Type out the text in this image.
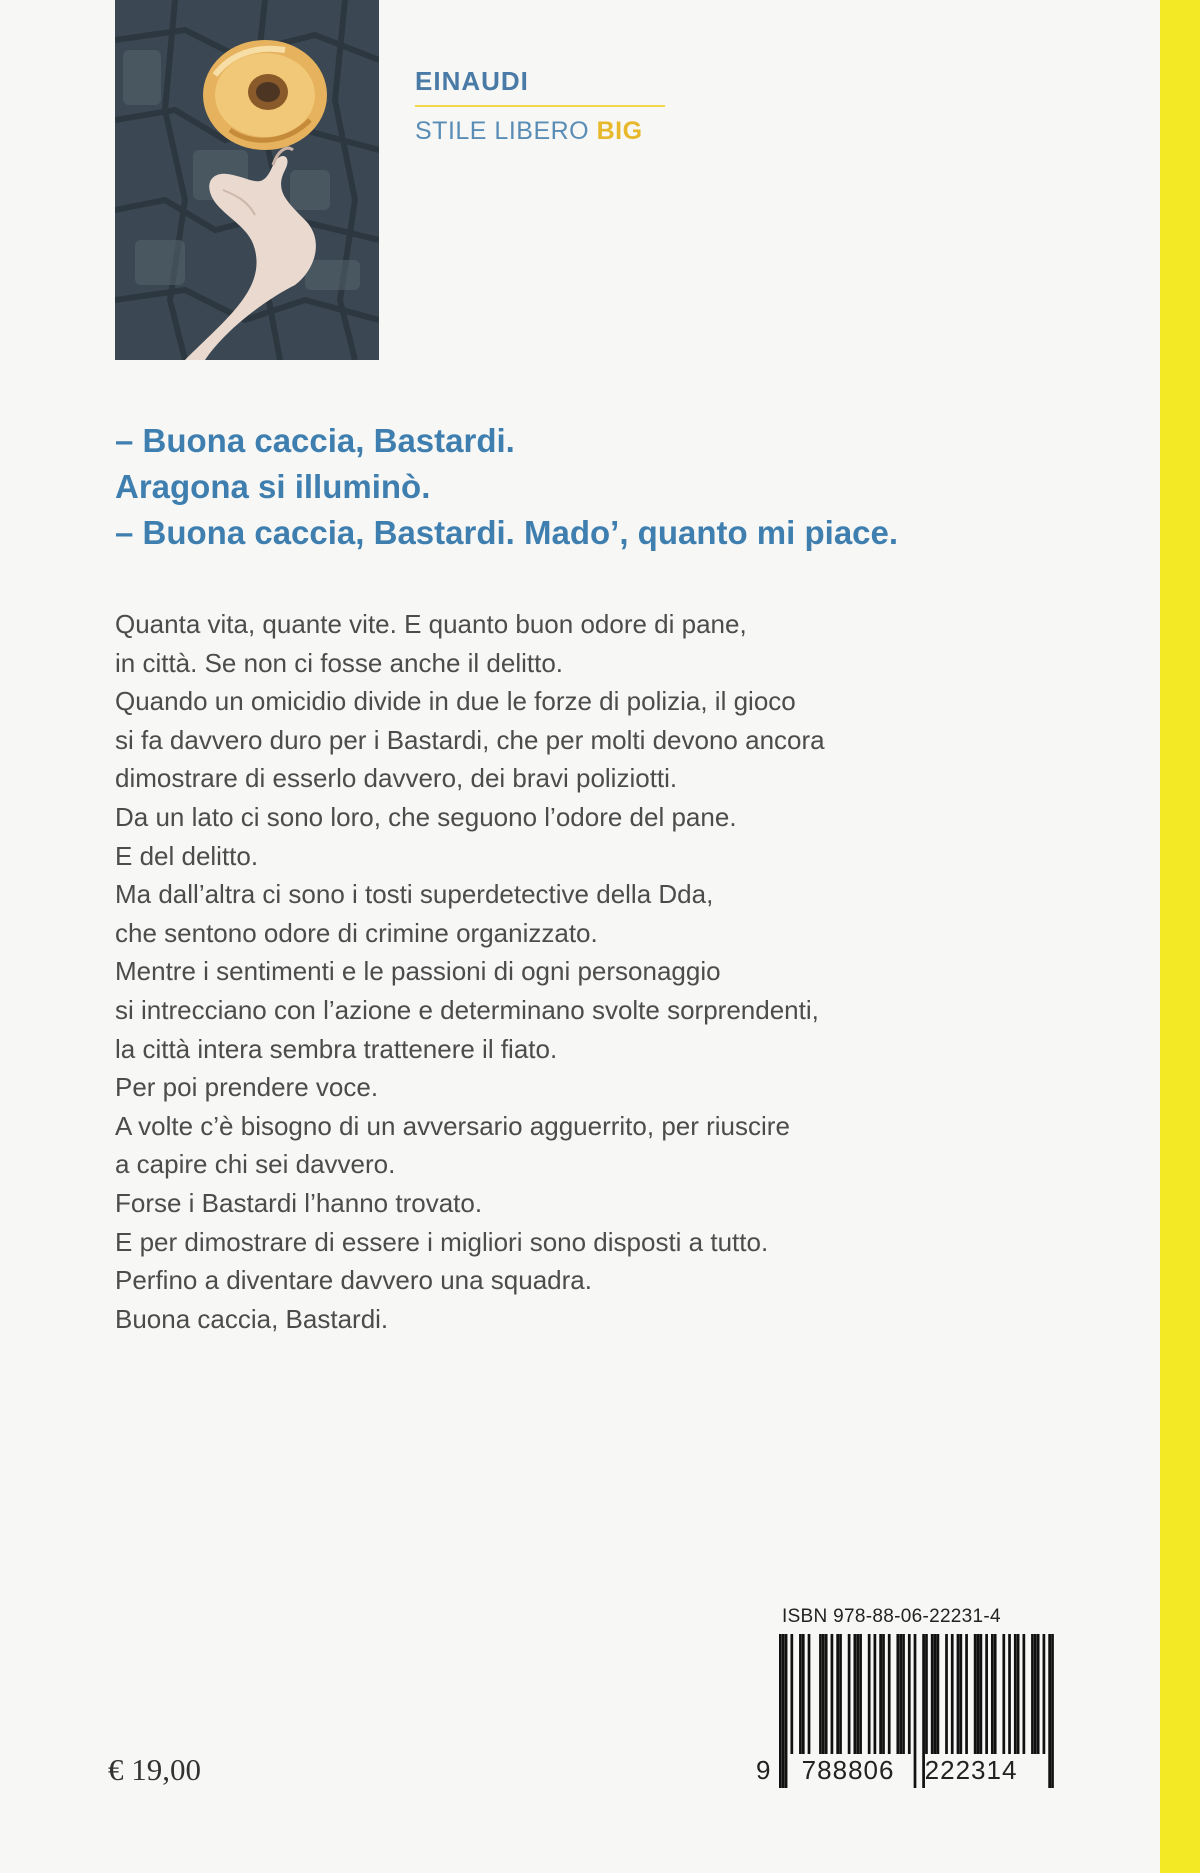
EINAUDI
STILE LIBERO BIG
– Buona caccia, Bastardi.
Aragona si illuminò.
– Buona caccia, Bastardi. Mado’, quanto mi piace.
Quanta vita, quante vite. E quanto buon odore di pane,
in città. Se non ci fosse anche il delitto.
Quando un omicidio divide in due le forze di polizia, il gioco
si fa davvero duro per i Bastardi, che per molti devono ancora
dimostrare di esserlo davvero, dei bravi poliziotti.
Da un lato ci sono loro, che seguono l’odore del pane.
E del delitto.
Ma dall’altra ci sono i tosti superdetective della Dda,
che sentono odore di crimine organizzato.
Mentre i sentimenti e le passioni di ogni personaggio
si intrecciano con l’azione e determinano svolte sorprendenti,
la città intera sembra trattenere il fiato.
Per poi prendere voce.
A volte c’è bisogno di un avversario agguerrito, per riuscire
a capire chi sei davvero.
Forse i Bastardi l’hanno trovato.
E per dimostrare di essere i migliori sono disposti a tutto.
Perfino a diventare davvero una squadra.
Buona caccia, Bastardi.
ISBN 978-88-06-22231-4
9 788806 222314
€ 19,00
